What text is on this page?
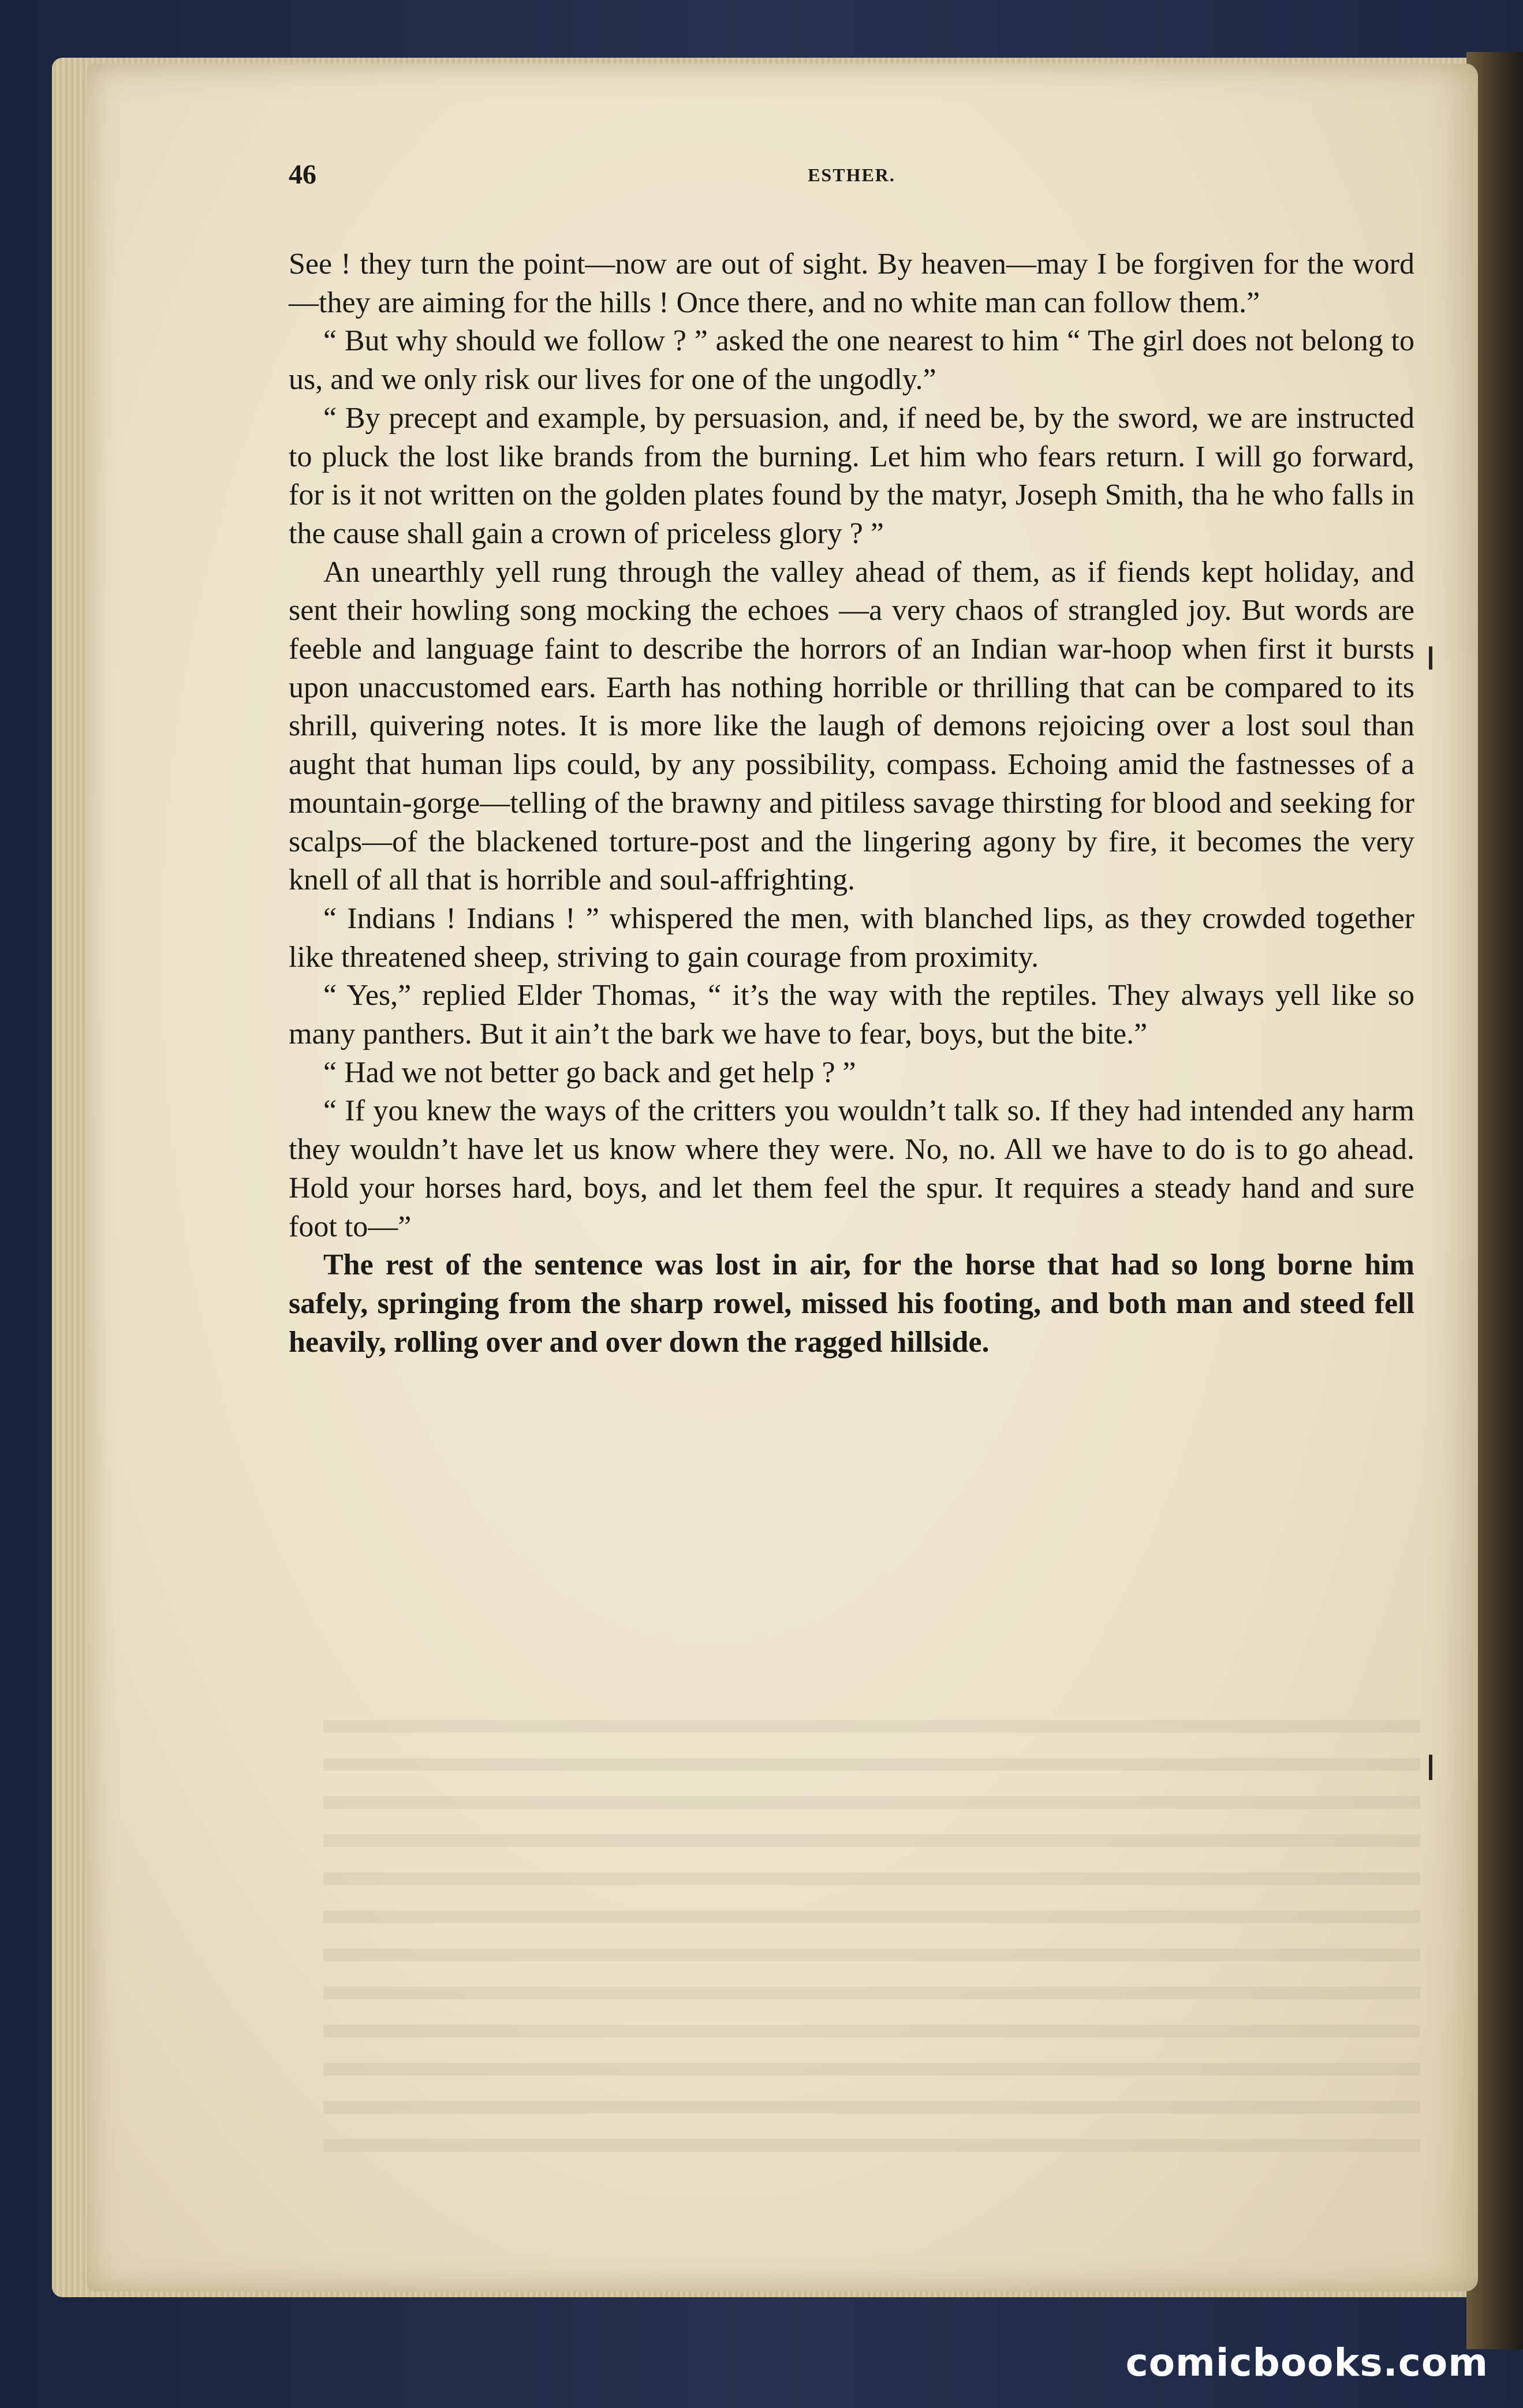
46	ESTHER.

See ! they turn the point—now are out of sight. By heaven—may I be forgiven for the word—they are aiming for the hills ! Once there, and no white man can follow them.”

“ But why should we follow ? ” asked the one nearest to him “ The girl does not belong to us, and we only risk our lives for one of the ungodly.”

“ By precept and example, by persuasion, and, if need be, by the sword, we are instructed to pluck the lost like brands from the burning. Let him who fears return. I will go forward, for is it not written on the golden plates found by the matyr, Joseph Smith, tha he who falls in the cause shall gain a crown of priceless glory ? ”

An unearthly yell rung through the valley ahead of them, as if fiends kept holiday, and sent their howling song mocking the echoes —a very chaos of strangled joy. But words are feeble and language faint to describe the horrors of an Indian war-hoop when first it bursts upon unaccustomed ears. Earth has nothing horrible or thrilling that can be compared to its shrill, quivering notes. It is more like the laugh of demons rejoicing over a lost soul than aught that human lips could, by any possibility, compass. Echoing amid the fastnesses of a mountain-gorge—telling of the brawny and pitiless savage thirsting for blood and seeking for scalps—of the blackened torture-post and the lingering agony by fire, it becomes the very knell of all that is horrible and soul-affrighting.

“ Indians ! Indians ! ” whispered the men, with blanched lips, as they crowded together like threatened sheep, striving to gain courage from proximity.

“ Yes,” replied Elder Thomas, “ it’s the way with the reptiles. They always yell like so many panthers. But it ain’t the bark we have to fear, boys, but the bite.”

“ Had we not better go back and get help ? ”

“ If you knew the ways of the critters you wouldn’t talk so. If they had intended any harm they wouldn’t have let us know where they were. No, no. All we have to do is to go ahead. Hold your horses hard, boys, and let them feel the spur. It requires a steady hand and sure foot to—”

The rest of the sentence was lost in air, for the horse that had so long borne him safely, springing from the sharp rowel, missed his footing, and both man and steed fell heavily, rolling over and over down the ragged hillside.

comicbooks.com
